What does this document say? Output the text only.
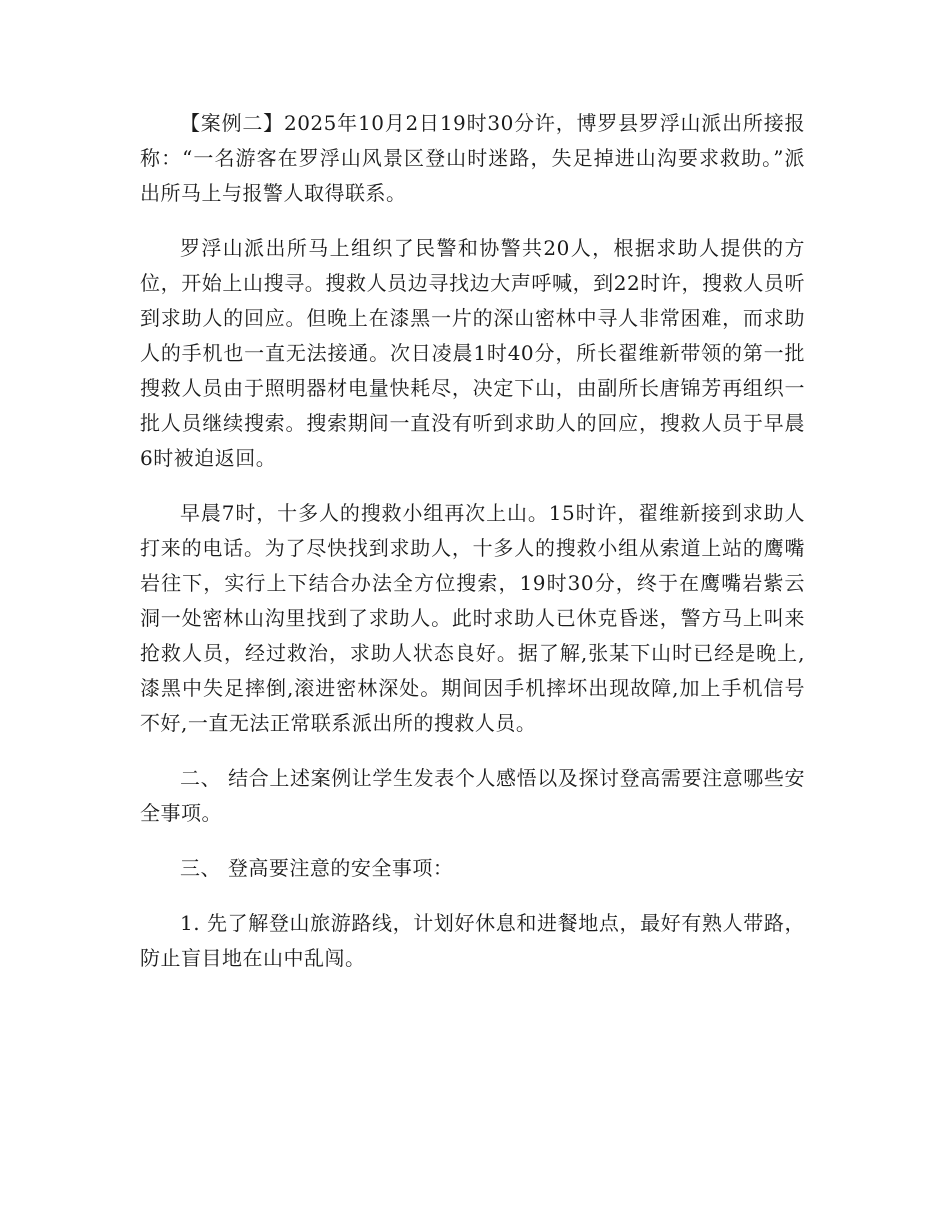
【案例二】2025年10月2日19时30分许，博罗县罗浮山派出所接报称：“一名游客在罗浮山风景区登山时迷路，失足掉进山沟要求救助。”派出所马上与报警人取得联系。

罗浮山派出所马上组织了民警和协警共20人，根据求助人提供的方位，开始上山搜寻。搜救人员边寻找边大声呼喊，到22时许，搜救人员听到求助人的回应。但晚上在漆黑一片的深山密林中寻人非常困难，而求助人的手机也一直无法接通。次日凌晨1时40分，所长翟维新带领的第一批搜救人员由于照明器材电量快耗尽，决定下山，由副所长唐锦芳再组织一批人员继续搜索。搜索期间一直没有听到求助人的回应，搜救人员于早晨6时被迫返回。

早晨7时，十多人的搜救小组再次上山。15时许，翟维新接到求助人打来的电话。为了尽快找到求助人，十多人的搜救小组从索道上站的鹰嘴岩往下，实行上下结合办法全方位搜索，19时30分，终于在鹰嘴岩紫云洞一处密林山沟里找到了求助人。此时求助人已休克昏迷，警方马上叫来抢救人员，经过救治，求助人状态良好。据了解,张某下山时已经是晚上,漆黑中失足摔倒,滚进密林深处。期间因手机摔坏出现故障,加上手机信号不好,一直无法正常联系派出所的搜救人员。

二、 结合上述案例让学生发表个人感悟以及探讨登高需要注意哪些安全事项。

三、 登高要注意的安全事项：

1. 先了解登山旅游路线，计划好休息和进餐地点，最好有熟人带路，防止盲目地在山中乱闯。
